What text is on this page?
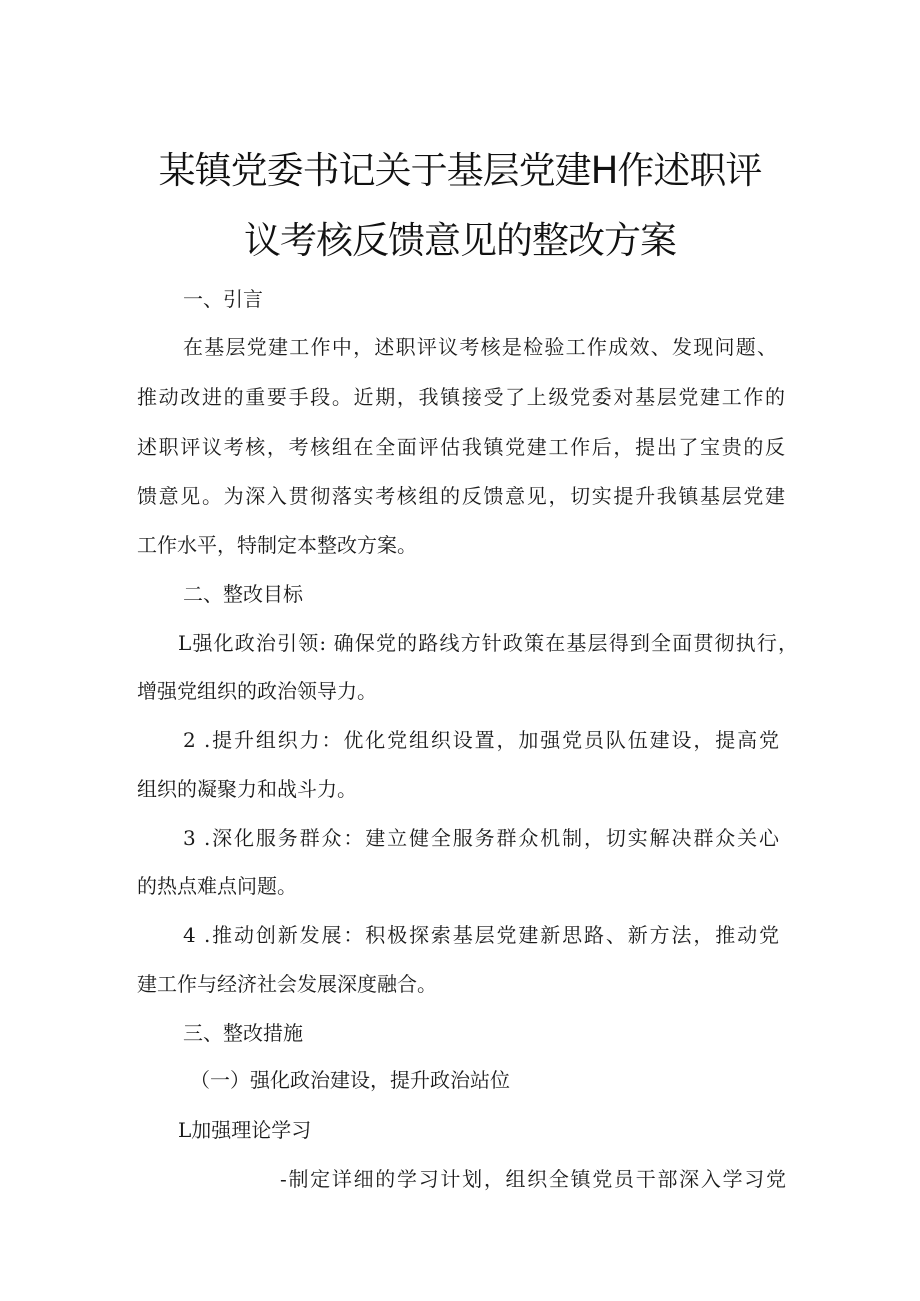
某镇党委书记关于基层党建H作述职评
议考核反馈意见的整改方案
一、引言
在基层党建工作中，述职评议考核是检验工作成效、发现问题、
推动改进的重要手段。近期，我镇接受了上级党委对基层党建工作的
述职评议考核，考核组在全面评估我镇党建工作后，提出了宝贵的反
馈意见。为深入贯彻落实考核组的反馈意见，切实提升我镇基层党建
工作水平，特制定本整改方案。
二、整改目标
L强化政治引领: 确保党的路线方针政策在基层得到全面贯彻执行，
增强党组织的政治领导力。
2 .提升组织力：优化党组织设置，加强党员队伍建设，提高党
组织的凝聚力和战斗力。
3 .深化服务群众：建立健全服务群众机制，切实解决群众关心
的热点难点问题。
4 .推动创新发展：积极探索基层党建新思路、新方法，推动党
建工作与经济社会发展深度融合。
三、整改措施
（一）强化政治建设，提升政治站位
L加强理论学习
-制定详细的学习计划，组织全镇党员干部深入学习党
